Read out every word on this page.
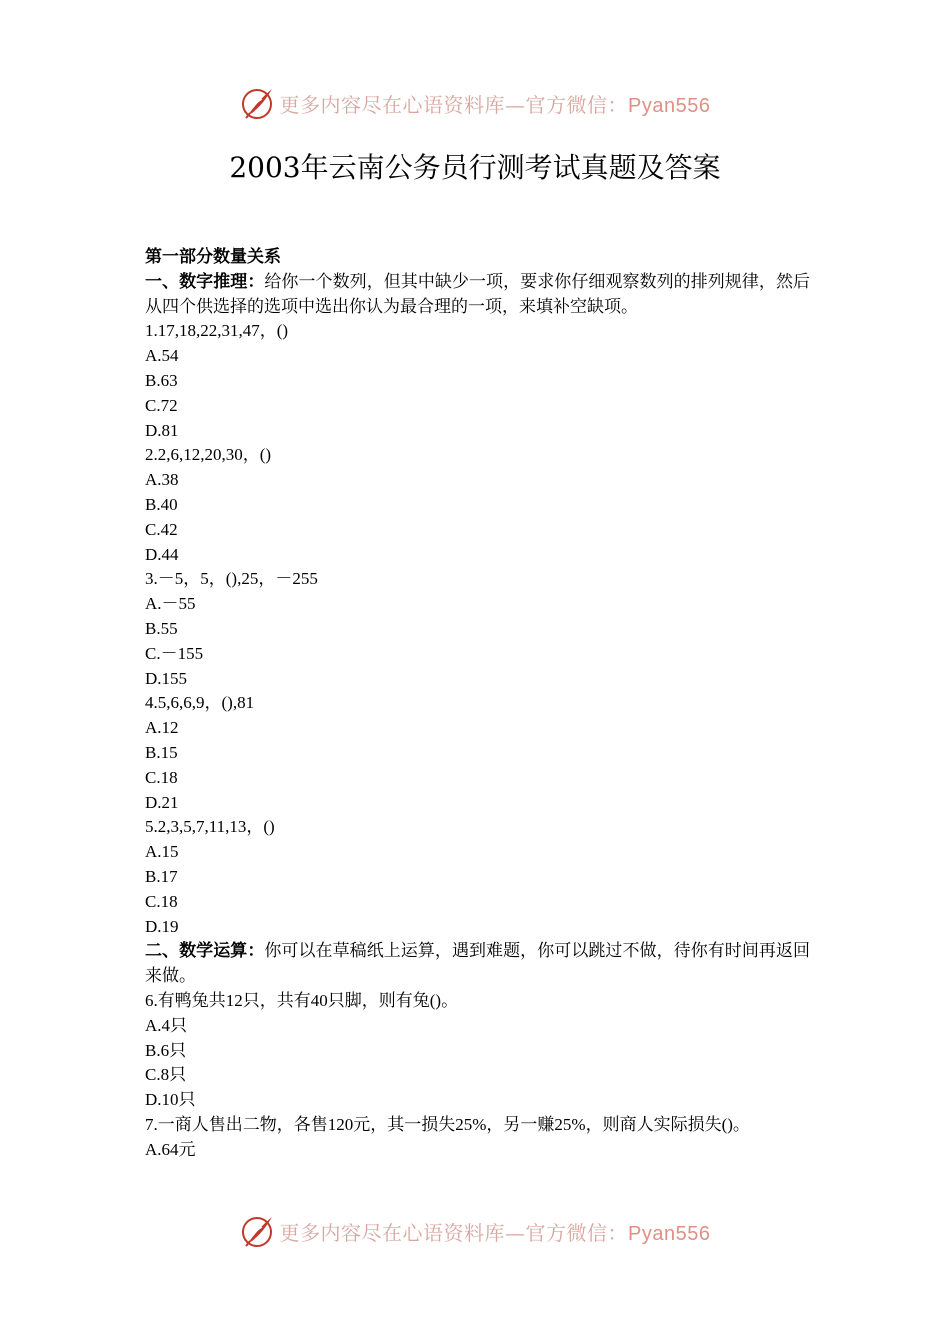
更多内容尽在心语资料库—官方微信：Pyan556
2003年云南公务员行测考试真题及答案
第一部分数量关系
一、数字推理：给你一个数列，但其中缺少一项，要求你仔细观察数列的排列规律，然后从四个供选择的选项中选出你认为最合理的一项，来填补空缺项。
1.17,18,22,31,47，()
A.54
B.63
C.72
D.81
2.2,6,12,20,30，()
A.38
B.40
C.42
D.44
3.－5，5，(),25，－255
A.－55
B.55
C.－155
D.155
4.5,6,6,9，(),81
A.12
B.15
C.18
D.21
5.2,3,5,7,11,13，()
A.15
B.17
C.18
D.19
二、数学运算：你可以在草稿纸上运算，遇到难题，你可以跳过不做，待你有时间再返回来做。
6.有鸭兔共12只，共有40只脚，则有兔()。
A.4只
B.6只
C.8只
D.10只
7.一商人售出二物，各售120元，其一损失25%，另一赚25%，则商人实际损失()。
A.64元
更多内容尽在心语资料库—官方微信：Pyan556
